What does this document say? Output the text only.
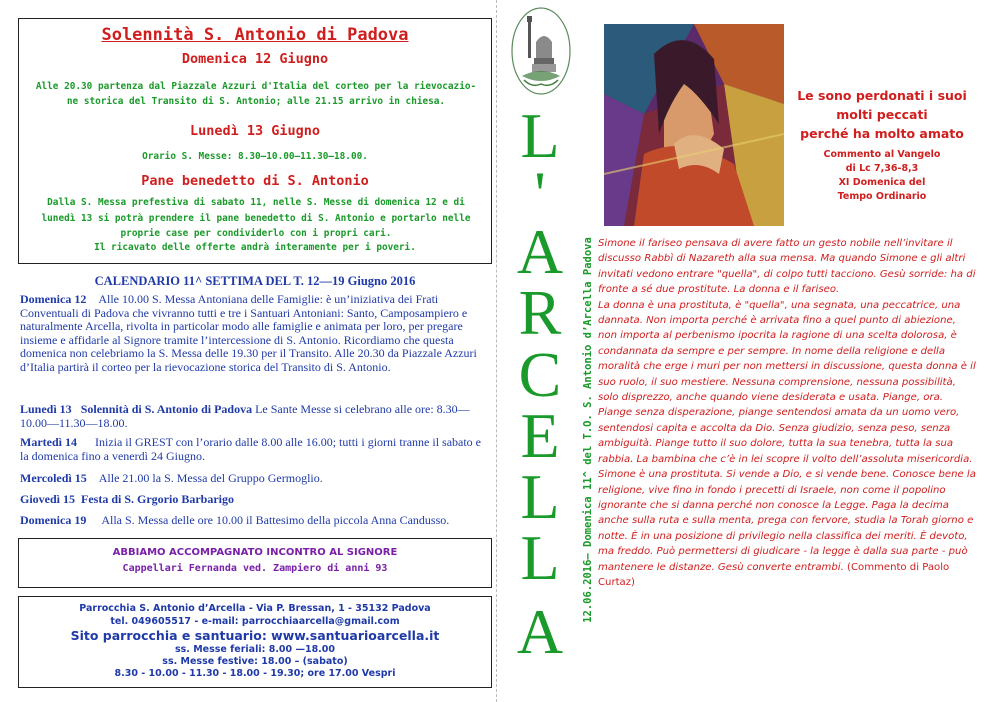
Solennità S. Antonio di Padova
Domenica 12 Giugno
Alle 20.30 partenza dal Piazzale Azzuri d'Italia del corteo per la rievocazio-
ne storica del Transito di S. Antonio; alle 21.15 arrivo in chiesa.
Lunedì 13 Giugno
Orario S. Messe: 8.30—10.00—11.30—18.00.
Pane benedetto di S. Antonio
Dalla S. Messa prefestiva di sabato 11, nelle S. Messe di domenica 12 e di
lunedì 13 si potrà prendere il pane benedetto di S. Antonio e portarlo nelle
proprie case per condividerlo con i propri cari.
Il ricavato delle offerte andrà interamente per i poveri.
CALENDARIO 11^ SETTIMA DEL T. 12—19 Giugno 2016
Domenica 12 Alle 10.00 S. Messa Antoniana delle Famiglie: è un’iniziativa dei Frati Conventuali di Padova che vivranno tutti e tre i Santuari Antoniani: Santo, Camposampiero e naturalmente Arcella, rivolta in particolar modo alle famiglie e animata per loro, per pregare insieme e affidarle al Signore tramite l’intercessione di S. Antonio. Ricordiamo che questa domenica non celebriamo la S. Messa delle 19.30 per il Transito. Alle 20.30 da Piazzale Azzuri d’Italia partirà il corteo per la rievocazione storica del Transito di S. Antonio.
Lunedì 13 Solennità di S. Antonio di Padova Le Sante Messe si celebrano alle ore: 8.30—10.00—11.30—18.00.
Martedì 14 Inizia il GREST con l’orario dalle 8.00 alle 16.00; tutti i giorni tranne il sabato e la domenica fino a venerdì 24 Giugno.
Mercoledì 15 Alle 21.00 la S. Messa del Gruppo Germoglio.
Giovedì 15 Festa di S. Grgorio Barbarigo
Domenica 19 Alla S. Messa delle ore 10.00 il Battesimo della piccola Anna Candusso.
ABBIAMO ACCOMPAGNATO INCONTRO AL SIGNORE
Cappellari Fernanda ved. Zampiero di anni 93
Parrocchia S. Antonio d’Arcella - Via P. Bressan, 1 - 35132 Padova
tel. 049605517 - e-mail: parrocchiaarcella@gmail.com
Sito parrocchia e santuario: www.santuarioarcella.it
ss. Messe feriali: 8.00 —18.00
ss. Messe festive: 18.00 – (sabato)
8.30 - 10.00 - 11.30 - 18.00 - 19.30; ore 17.00 Vespri
L
'
A
R
C
E
L
L
A
12.06.2016— Domenica 11^ del T.O. S. Antonio d’Arcella Padova
Le sono perdonati i suoi
molti peccati
perché ha molto amato
Commento al Vangelo
di Lc 7,36-8,3
XI Domenica del
Tempo Ordinario

Simone il fariseo pensava di avere fatto un gesto nobile nell’invitare il discusso Rabbì di Nazareth alla sua mensa. Ma quando Simone e gli altri invitati vedono entrare "quella", di colpo tutti tacciono. Gesù sorride: ha di fronte a sé due prostitute. La donna e il fariseo.

La donna è una prostituta, è "quella", una segnata, una peccatrice, una dannata. Non importa perché è arrivata fino a quel punto di abiezione, non importa al perbenismo ipocrita la ragione di una scelta dolorosa, è condannata da sempre e per sempre. In nome della religione e della moralità che erge i muri per non mettersi in discussione, questa donna è il suo ruolo, il suo mestiere. Nessuna comprensione, nessuna possibilità, solo disprezzo, anche quando viene desiderata e usata. Piange, ora. Piange senza disperazione, piange sentendosi amata da un uomo vero, sentendosi capita e accolta da Dio. Senza giudizio, senza peso, senza ambiguità. Piange tutto il suo dolore, tutta la sua tenebra, tutta la sua rabbia. La bambina che c’è in lei scopre il volto dell’assoluta misericordia.

Simone è una prostituta. Si vende a Dio, e si vende bene. Conosce bene la religione, vive fino in fondo i precetti di Israele, non come il popolino ignorante che si danna perché non conosce la Legge. Paga la decima anche sulla ruta e sulla menta, prega con fervore, studia la Torah giorno e notte. È in una posizione di privilegio nella classifica dei meriti. È devoto, ma freddo. Può permettersi di giudicare - la legge è dalla sua parte - può mantenere le distanze. Gesù converte entrambi. (Commento di Paolo Curtaz)
